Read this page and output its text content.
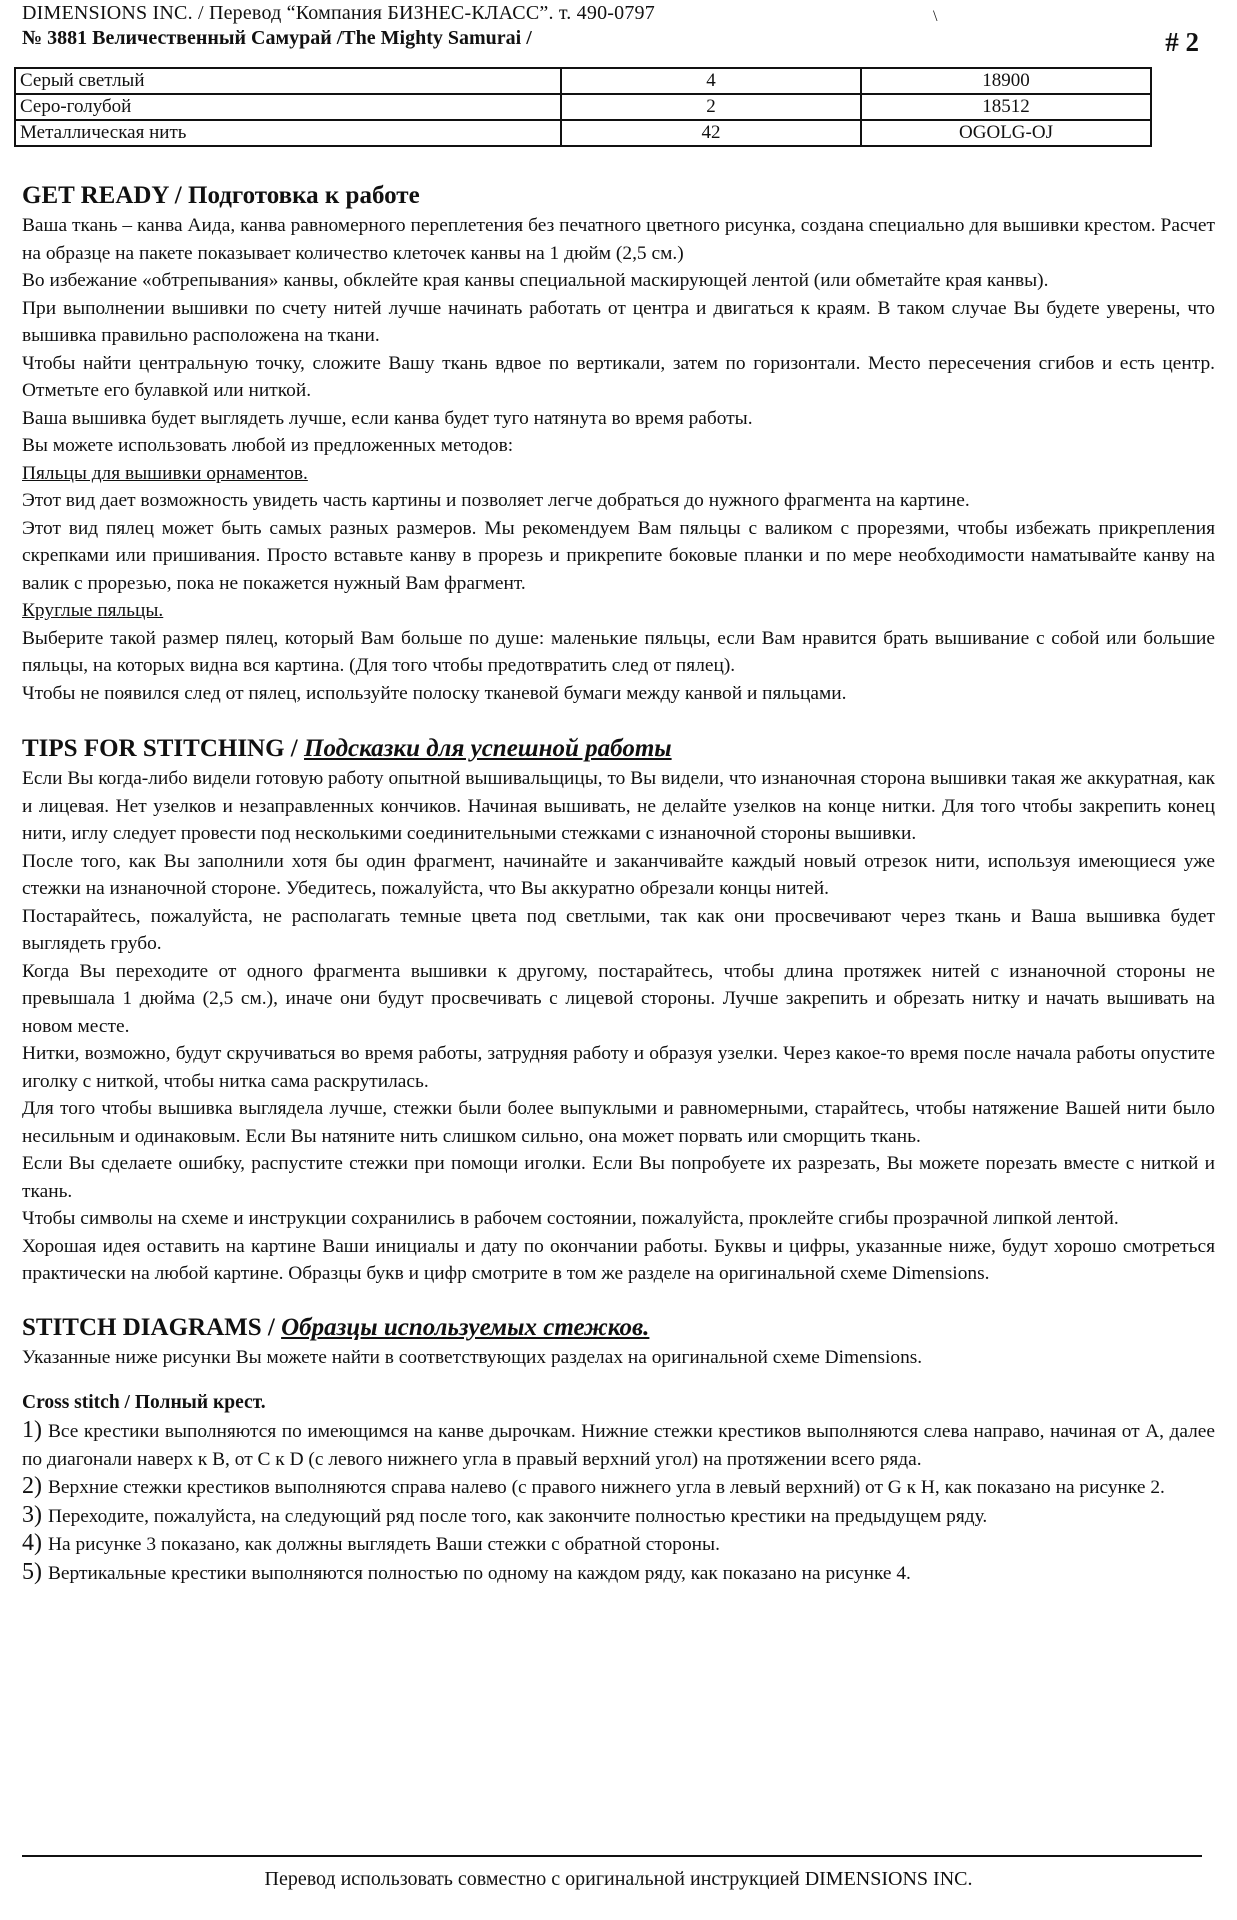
DIMENSIONS INC. / Перевод “Компания БИЗНЕС-КЛАСС”. т. 490-0797	\
№ 3881 Величественный Самурай /The Mighty Samurai /	# 2
Серый светлый	4	18900
Серо-голубой	2	18512
Металлическая нить	42	OGOLG-OJ
GET READY / Подготовка к работе

Ваша ткань – канва Аида, канва равномерного переплетения без печатного цветного рисунка, создана специально для вышивки крестом. Расчет на образце на пакете показывает количество клеточек канвы на 1 дюйм (2,5 см.)

Во избежание «обтрепывания» канвы, обклейте края канвы специальной маскирующей лентой (или обметайте края канвы).

При выполнении вышивки по счету нитей лучше начинать работать от центра и двигаться к краям. В таком случае Вы будете уверены, что вышивка правильно расположена на ткани.

Чтобы найти центральную точку, сложите Вашу ткань вдвое по вертикали, затем по горизонтали. Место пересечения сгибов и есть центр. Отметьте его булавкой или ниткой.

Ваша вышивка будет выглядеть лучше, если канва будет туго натянута во время работы.

Вы можете использовать любой из предложенных методов:

Пяльцы для вышивки орнаментов.

Этот вид дает возможность увидеть часть картины и позволяет легче добраться до нужного фрагмента на картине.

Этот вид пялец может быть самых разных размеров. Мы рекомендуем Вам пяльцы с валиком с прорезями, чтобы избежать прикрепления скрепками или пришивания. Просто вставьте канву в прорезь и прикрепите боковые планки и по мере необходимости наматывайте канву на валик с прорезью, пока не покажется нужный Вам фрагмент.

Круглые пяльцы.

Выберите такой размер пялец, который Вам больше по душе: маленькие пяльцы, если Вам нравится брать вышивание с собой или большие пяльцы, на которых видна вся картина. (Для того чтобы предотвратить след от пялец).

Чтобы не появился след от пялец, используйте полоску тканевой бумаги между канвой и пяльцами.

TIPS FOR STITCHING / Подсказки для успешной работы

Если Вы когда-либо видели готовую работу опытной вышивальщицы, то Вы видели, что изнаночная сторона вышивки такая же аккуратная, как и лицевая. Нет узелков и незаправленных кончиков. Начиная вышивать, не делайте узелков на конце нитки. Для того чтобы закрепить конец нити, иглу следует провести под несколькими соединительными стежками с изнаночной стороны вышивки.

После того, как Вы заполнили хотя бы один фрагмент, начинайте и заканчивайте каждый новый отрезок нити, используя имеющиеся уже стежки на изнаночной стороне. Убедитесь, пожалуйста, что Вы аккуратно обрезали концы нитей.

Постарайтесь, пожалуйста, не располагать темные цвета под светлыми, так как они просвечивают через ткань и Ваша вышивка будет выглядеть грубо.

Когда Вы переходите от одного фрагмента вышивки к другому, постарайтесь, чтобы длина протяжек нитей с изнаночной стороны не превышала 1 дюйма (2,5 см.), иначе они будут просвечивать с лицевой стороны. Лучше закрепить и обрезать нитку и начать вышивать на новом месте.

Нитки, возможно, будут скручиваться во время работы, затрудняя работу и образуя узелки. Через какое-то время после начала работы опустите иголку с ниткой, чтобы нитка сама раскрутилась.

Для того чтобы вышивка выглядела лучше, стежки были более выпуклыми и равномерными, старайтесь, чтобы натяжение Вашей нити было несильным и одинаковым. Если Вы натяните нить слишком сильно, она может порвать или сморщить ткань.

Если Вы сделаете ошибку, распустите стежки при помощи иголки. Если Вы попробуете их разрезать, Вы можете порезать вместе с ниткой и ткань.

Чтобы символы на схеме и инструкции сохранились в рабочем состоянии, пожалуйста, проклейте сгибы прозрачной липкой лентой.

Хорошая идея оставить на картине Ваши инициалы и дату по окончании работы. Буквы и цифры, указанные ниже, будут хорошо смотреться практически на любой картине. Образцы букв и цифр смотрите в том же разделе на оригинальной схеме Dimensions.

STITCH DIAGRAMS / Образцы используемых стежков.

Указанные ниже рисунки Вы можете найти в соответствующих разделах на оригинальной схеме Dimensions.

Cross stitch / Полный крест.

1) Все крестики выполняются по имеющимся на канве дырочкам. Нижние стежки крестиков выполняются слева направо, начиная от А, далее по диагонали наверх к В, от С к D (с левого нижнего угла в правый верхний угол) на протяжении всего ряда.

2) Верхние стежки крестиков выполняются справа налево (с правого нижнего угла в левый верхний) от G к H, как показано на рисунке 2.

3) Переходите, пожалуйста, на следующий ряд после того, как закончите полностью крестики на предыдущем ряду.

4) На рисунке 3 показано, как должны выглядеть Ваши стежки с обратной стороны.

5) Вертикальные крестики выполняются полностью по одному на каждом ряду, как показано на рисунке 4.

Перевод использовать совместно с оригинальной инструкцией DIMENSIONS INC.
